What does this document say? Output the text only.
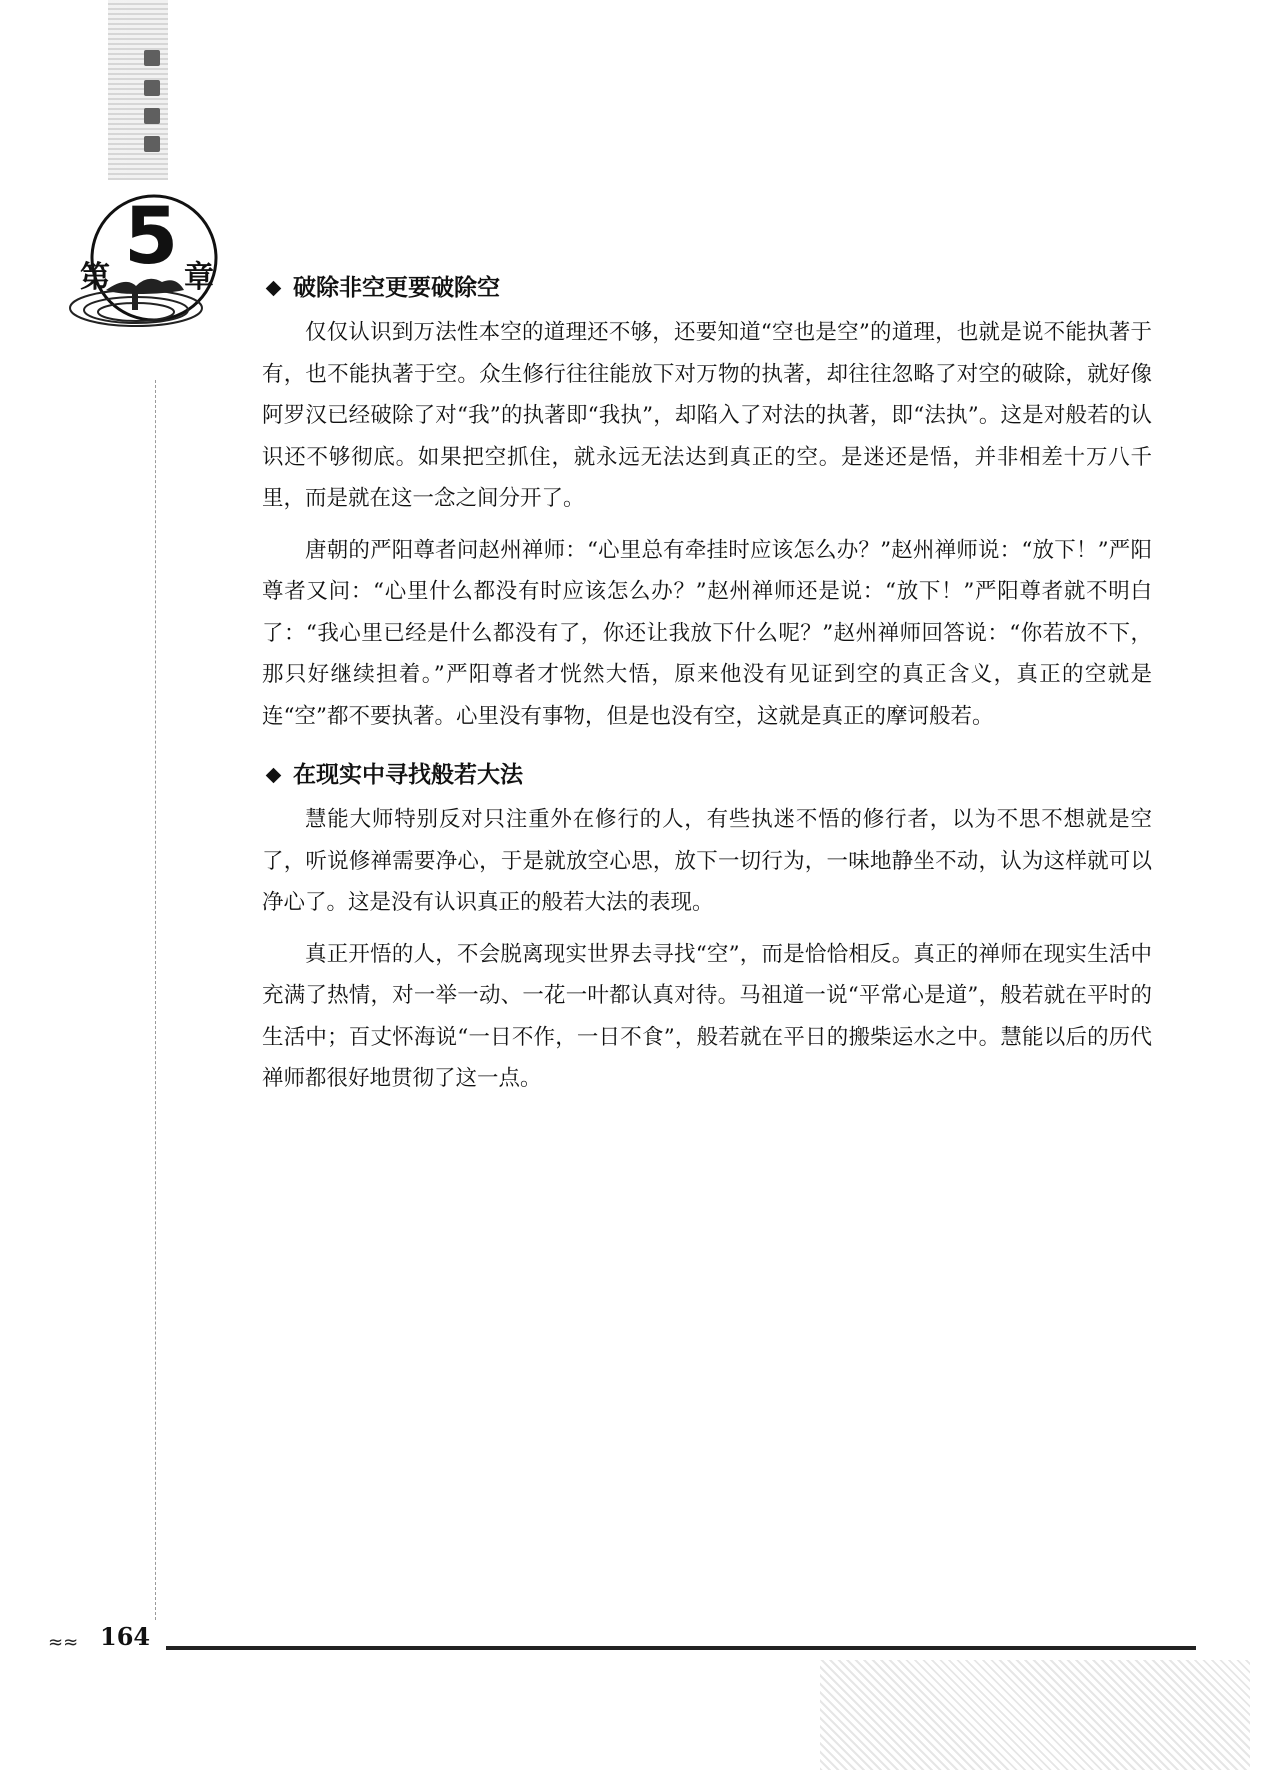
第 5 章	破除非空更要破除空

仅仅认识到万法性本空的道理还不够，还要知道“空也是空”的道理，也就是说不能执著于有，也不能执著于空。众生修行往往能放下对万物的执著，却往往忽略了对空的破除，就好像阿罗汉已经破除了对“我”的执著即“我执”，却陷入了对法的执著，即“法执”。这是对般若的认识还不够彻底。如果把空抓住，就永远无法达到真正的空。是迷还是悟，并非相差十万八千里，而是就在这一念之间分开了。

唐朝的严阳尊者问赵州禅师：“心里总有牵挂时应该怎么办？”赵州禅师说：“放下！”严阳尊者又问：“心里什么都没有时应该怎么办？”赵州禅师还是说：“放下！”严阳尊者就不明白了：“我心里已经是什么都没有了，你还让我放下什么呢？”赵州禅师回答说：“你若放不下，那只好继续担着。”严阳尊者才恍然大悟，原来他没有见证到空的真正含义，真正的空就是连“空”都不要执著。心里没有事物，但是也没有空，这就是真正的摩诃般若。

在现实中寻找般若大法

慧能大师特别反对只注重外在修行的人，有些执迷不悟的修行者，以为不思不想就是空了，听说修禅需要净心，于是就放空心思，放下一切行为，一味地静坐不动，认为这样就可以净心了。这是没有认识真正的般若大法的表现。

真正开悟的人，不会脱离现实世界去寻找“空”，而是恰恰相反。真正的禅师在现实生活中充满了热情，对一举一动、一花一叶都认真对待。马祖道一说“平常心是道”，般若就在平时的生活中；百丈怀海说“一日不作，一日不食”，般若就在平日的搬柴运水之中。慧能以后的历代禅师都很好地贯彻了这一点。

≈≈ 164
